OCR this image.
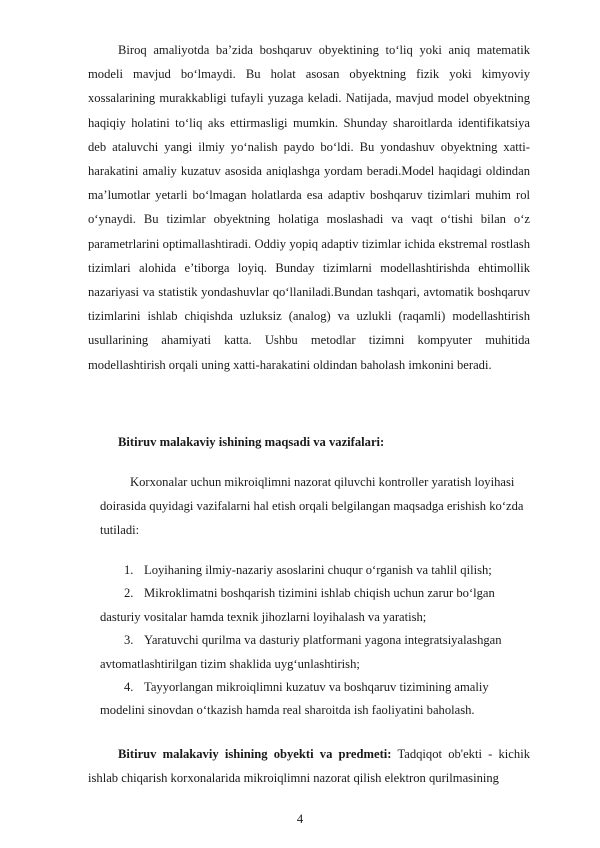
Biroq amaliyotda ba’zida boshqaruv obyektining to‘liq yoki aniq matematik modeli mavjud bo‘lmaydi. Bu holat asosan obyektning fizik yoki kimyoviy xossalarining murakkabligi tufayli yuzaga keladi. Natijada, mavjud model obyektning haqiqiy holatini to‘liq aks ettirmasligi mumkin. Shunday sharoitlarda identifikatsiya deb ataluvchi yangi ilmiy yo‘nalish paydo bo‘ldi. Bu yondashuv obyektning xatti-harakatini amaliy kuzatuv asosida aniqlashga yordam beradi.Model haqidagi oldindan ma’lumotlar yetarli bo‘lmagan holatlarda esa adaptiv boshqaruv tizimlari muhim rol o‘ynaydi. Bu tizimlar obyektning holatiga moslashadi va vaqt o‘tishi bilan o‘z parametrlarini optimallashtiradi. Oddiy yopiq adaptiv tizimlar ichida ekstremal rostlash tizimlari alohida e’tiborga loyiq. Bunday tizimlarni modellashtirishda ehtimollik nazariyasi va statistik yondashuvlar qo‘llaniladi.Bundan tashqari, avtomatik boshqaruv tizimlarini ishlab chiqishda uzluksiz (analog) va uzlukli (raqamli) modellashtirish usullarining ahamiyati katta. Ushbu metodlar tizimni kompyuter muhitida modellashtirish orqali uning xatti-harakatini oldindan baholash imkonini beradi.

Bitiruv malakaviy ishining maqsadi va vazifalari:

Korxonalar uchun mikroiqlimni nazorat qiluvchi kontroller yaratish loyihasi doirasida quyidagi vazifalarni hal etish orqali belgilangan maqsadga erishish ko‘zda tutiladi:

1. Loyihaning ilmiy-nazariy asoslarini chuqur o‘rganish va tahlil qilish;
2. Mikroklimatni boshqarish tizimini ishlab chiqish uchun zarur bo‘lgan dasturiy vositalar hamda texnik jihozlarni loyihalash va yaratish;
3. Yaratuvchi qurilma va dasturiy platformani yagona integratsiyalashgan avtomatlashtirilgan tizim shaklida uyg‘unlashtirish;
4. Tayyorlangan mikroiqlimni kuzatuv va boshqaruv tizimining amaliy modelini sinovdan o‘tkazish hamda real sharoitda ish faoliyatini baholash.

Bitiruv malakaviy ishining obyekti va predmeti: Tadqiqot ob'ekti - kichik ishlab chiqarish korxonalarida mikroiqlimni nazorat qilish elektron qurilmasining

4
